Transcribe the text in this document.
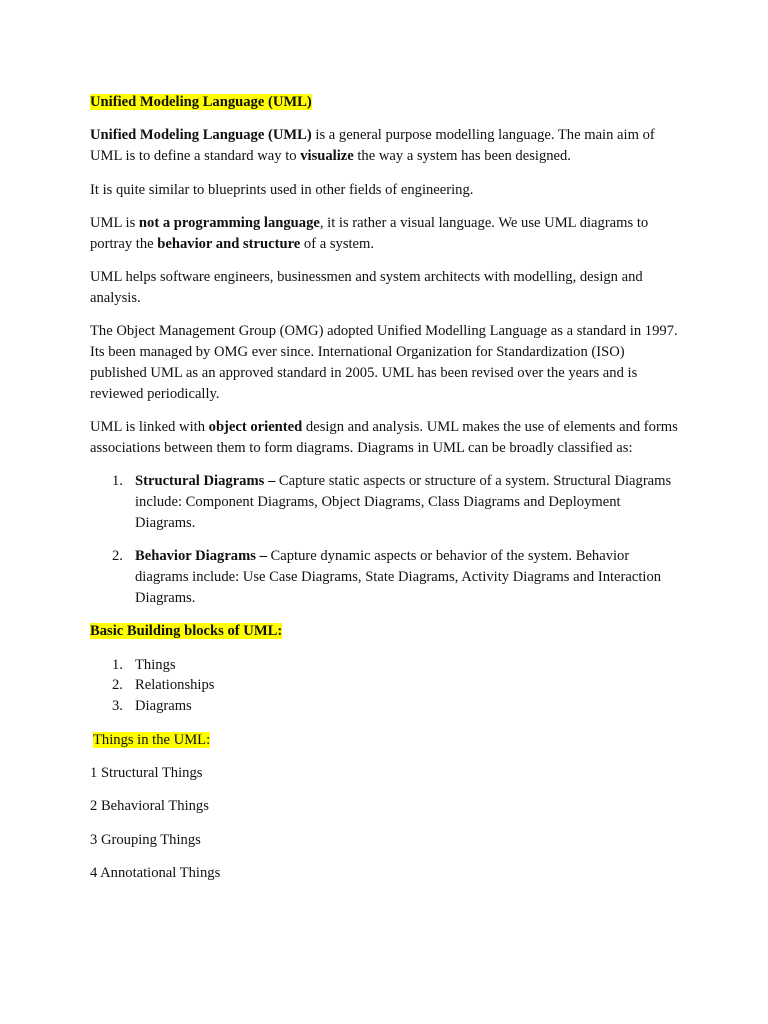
Unified Modeling Language (UML)

Unified Modeling Language (UML) is a general purpose modelling language. The main aim of UML is to define a standard way to visualize the way a system has been designed.

It is quite similar to blueprints used in other fields of engineering.

UML is not a programming language, it is rather a visual language. We use UML diagrams to portray the behavior and structure of a system.

UML helps software engineers, businessmen and system architects with modelling, design and analysis.

The Object Management Group (OMG) adopted Unified Modelling Language as a standard in 1997. Its been managed by OMG ever since. International Organization for Standardization (ISO) published UML as an approved standard in 2005. UML has been revised over the years and is reviewed periodically.

UML is linked with object oriented design and analysis. UML makes the use of elements and forms associations between them to form diagrams. Diagrams in UML can be broadly classified as:

1. Structural Diagrams – Capture static aspects or structure of a system. Structural Diagrams include: Component Diagrams, Object Diagrams, Class Diagrams and Deployment Diagrams.
2. Behavior Diagrams – Capture dynamic aspects or behavior of the system. Behavior diagrams include: Use Case Diagrams, State Diagrams, Activity Diagrams and Interaction Diagrams.

Basic Building blocks of UML:

1. Things
2. Relationships
3. Diagrams

Things in the UML:

1 Structural Things

2 Behavioral Things

3 Grouping Things

4 Annotational Things
